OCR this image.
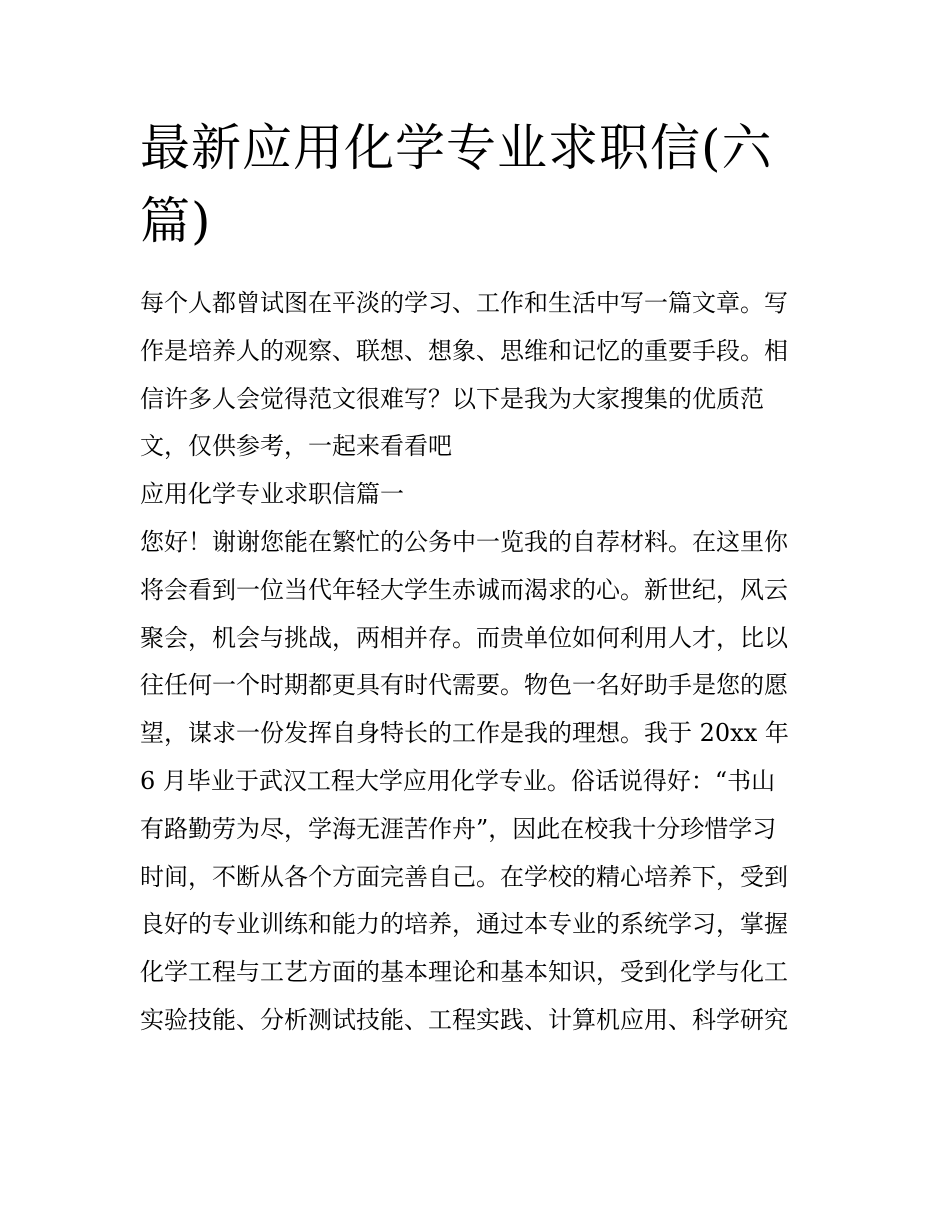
最新应用化学专业求职信(六
篇)

每个人都曾试图在平淡的学习、工作和生活中写一篇文章。写
作是培养人的观察、联想、想象、思维和记忆的重要手段。相
信许多人会觉得范文很难写？以下是我为大家搜集的优质范
文，仅供参考，一起来看看吧

应用化学专业求职信篇一

您好！谢谢您能在繁忙的公务中一览我的自荐材料。在这里你
将会看到一位当代年轻大学生赤诚而渴求的心。新世纪，风云
聚会，机会与挑战，两相并存。而贵单位如何利用人才，比以
往任何一个时期都更具有时代需要。物色一名好助手是您的愿
望，谋求一份发挥自身特长的工作是我的理想。我于 20xx 年
6 月毕业于武汉工程大学应用化学专业。俗话说得好：“书山
有路勤劳为尽，学海无涯苦作舟”，因此在校我十分珍惜学习
时间，不断从各个方面完善自己。在学校的精心培养下，受到
良好的专业训练和能力的培养，通过本专业的系统学习，掌握
化学工程与工艺方面的基本理论和基本知识，受到化学与化工
实验技能、分析测试技能、工程实践、计算机应用、科学研究
